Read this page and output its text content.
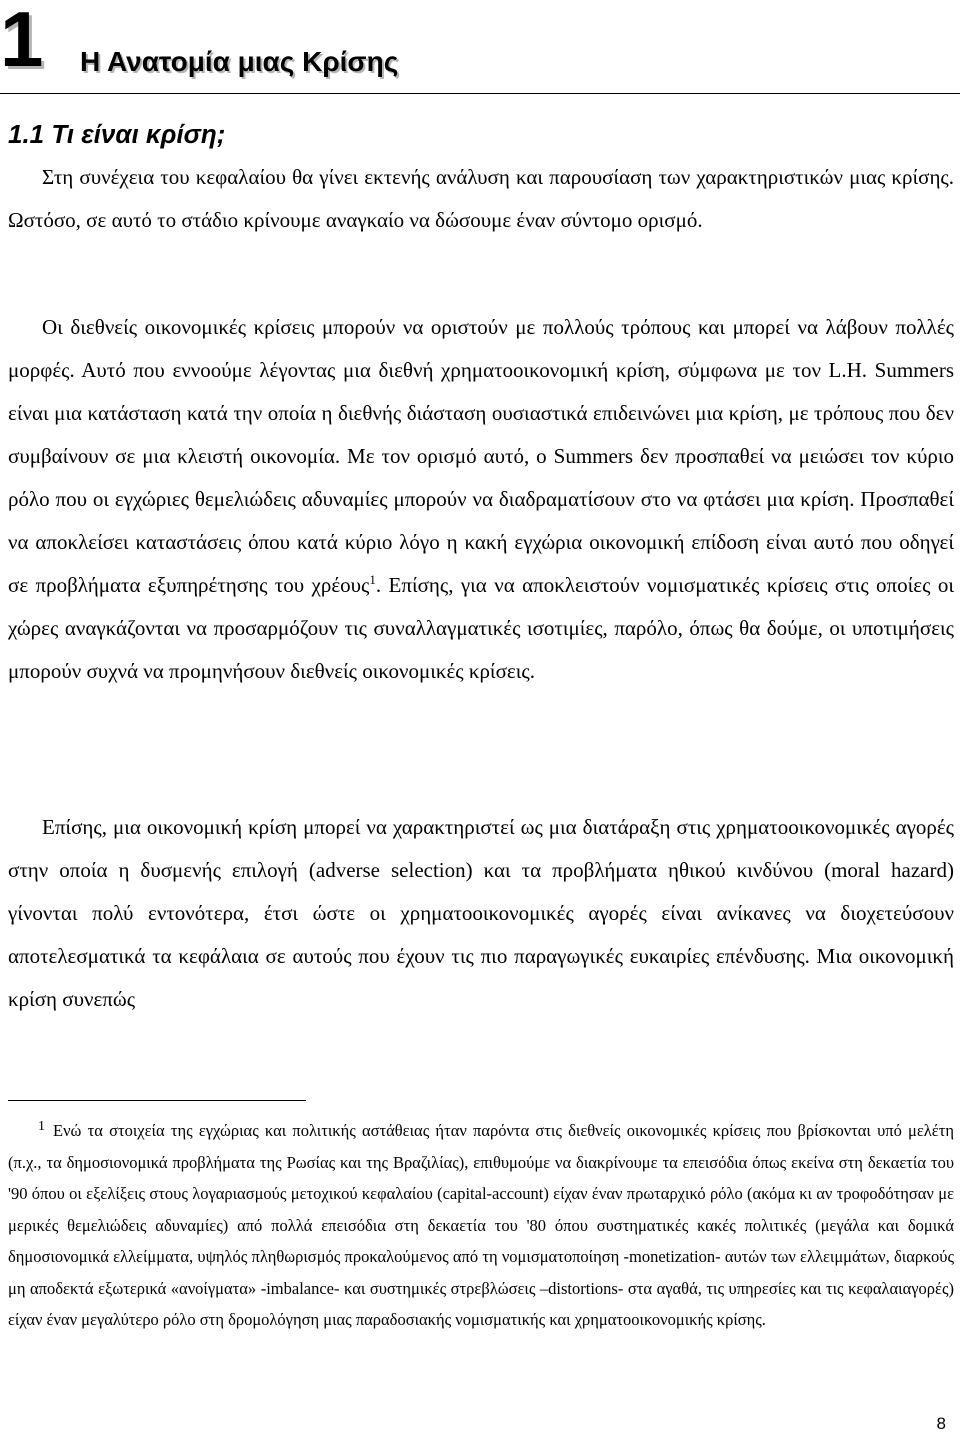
1 Η Ανατομία μιας Κρίσης
1.1 Τι είναι κρίση;

Στη συνέχεια του κεφαλαίου θα γίνει εκτενής ανάλυση και παρουσίαση των χαρακτηριστικών μιας κρίσης. Ωστόσο, σε αυτό το στάδιο κρίνουμε αναγκαίο να δώσουμε έναν σύντομο ορισμό.

Οι διεθνείς οικονομικές κρίσεις μπορούν να οριστούν με πολλούς τρόπους και μπορεί να λάβουν πολλές μορφές. Αυτό που εννοούμε λέγοντας μια διεθνή χρηματοοικονομική κρίση, σύμφωνα με τον L.H. Summers είναι μια κατάσταση κατά την οποία η διεθνής διάσταση ουσιαστικά επιδεινώνει μια κρίση, με τρόπους που δεν συμβαίνουν σε μια κλειστή οικονομία. Με τον ορισμό αυτό, ο Summers δεν προσπαθεί να μειώσει τον κύριο ρόλο που οι εγχώριες θεμελιώδεις αδυναμίες μπορούν να διαδραματίσουν στο να φτάσει μια κρίση. Προσπαθεί να αποκλείσει καταστάσεις όπου κατά κύριο λόγο η κακή εγχώρια οικονομική επίδοση είναι αυτό που οδηγεί σε προβλήματα εξυπηρέτησης του χρέους$^1$. Επίσης, για να αποκλειστούν νομισματικές κρίσεις στις οποίες οι χώρες αναγκάζονται να προσαρμόζουν τις συναλλαγματικές ισοτιμίες, παρόλο, όπως θα δούμε, οι υποτιμήσεις μπορούν συχνά να προμηνήσουν διεθνείς οικονομικές κρίσεις.

Επίσης, μια οικονομική κρίση μπορεί να χαρακτηριστεί ως μια διατάραξη στις χρηματοοικονομικές αγορές στην οποία η δυσμενής επιλογή (adverse selection) και τα προβλήματα ηθικού κινδύνου (moral hazard) γίνονται πολύ εντονότερα, έτσι ώστε οι χρηματοοικονομικές αγορές είναι ανίκανες να διοχετεύσουν αποτελεσματικά τα κεφάλαια σε αυτούς που έχουν τις πιο παραγωγικές ευκαιρίες επένδυσης. Μια οικονομική κρίση συνεπώς

$^1$ Ενώ τα στοιχεία της εγχώριας και πολιτικής αστάθειας ήταν παρόντα στις διεθνείς οικονομικές κρίσεις που βρίσκονται υπό μελέτη (π.χ., τα δημοσιονομικά προβλήματα της Ρωσίας και της Βραζιλίας), επιθυμούμε να διακρίνουμε τα επεισόδια όπως εκείνα στη δεκαετία του '90 όπου οι εξελίξεις στους λογαριασμούς μετοχικού κεφαλαίου (capital-account) είχαν έναν πρωταρχικό ρόλο (ακόμα κι αν τροφοδότησαν με μερικές θεμελιώδεις αδυναμίες) από πολλά επεισόδια στη δεκαετία του '80 όπου συστηματικές κακές πολιτικές (μεγάλα και δομικά δημοσιονομικά ελλείμματα, υψηλός πληθωρισμός προκαλούμενος από τη νομισματοποίηση -monetization- αυτών των ελλειμμάτων, διαρκούς μη αποδεκτά εξωτερικά «ανοίγματα» -imbalance- και συστημικές στρεβλώσεις –distortions- στα αγαθά, τις υπηρεσίες και τις κεφαλαιαγορές) είχαν έναν μεγαλύτερο ρόλο στη δρομολόγηση μιας παραδοσιακής νομισματικής και χρηματοοικονομικής κρίσης.

8
